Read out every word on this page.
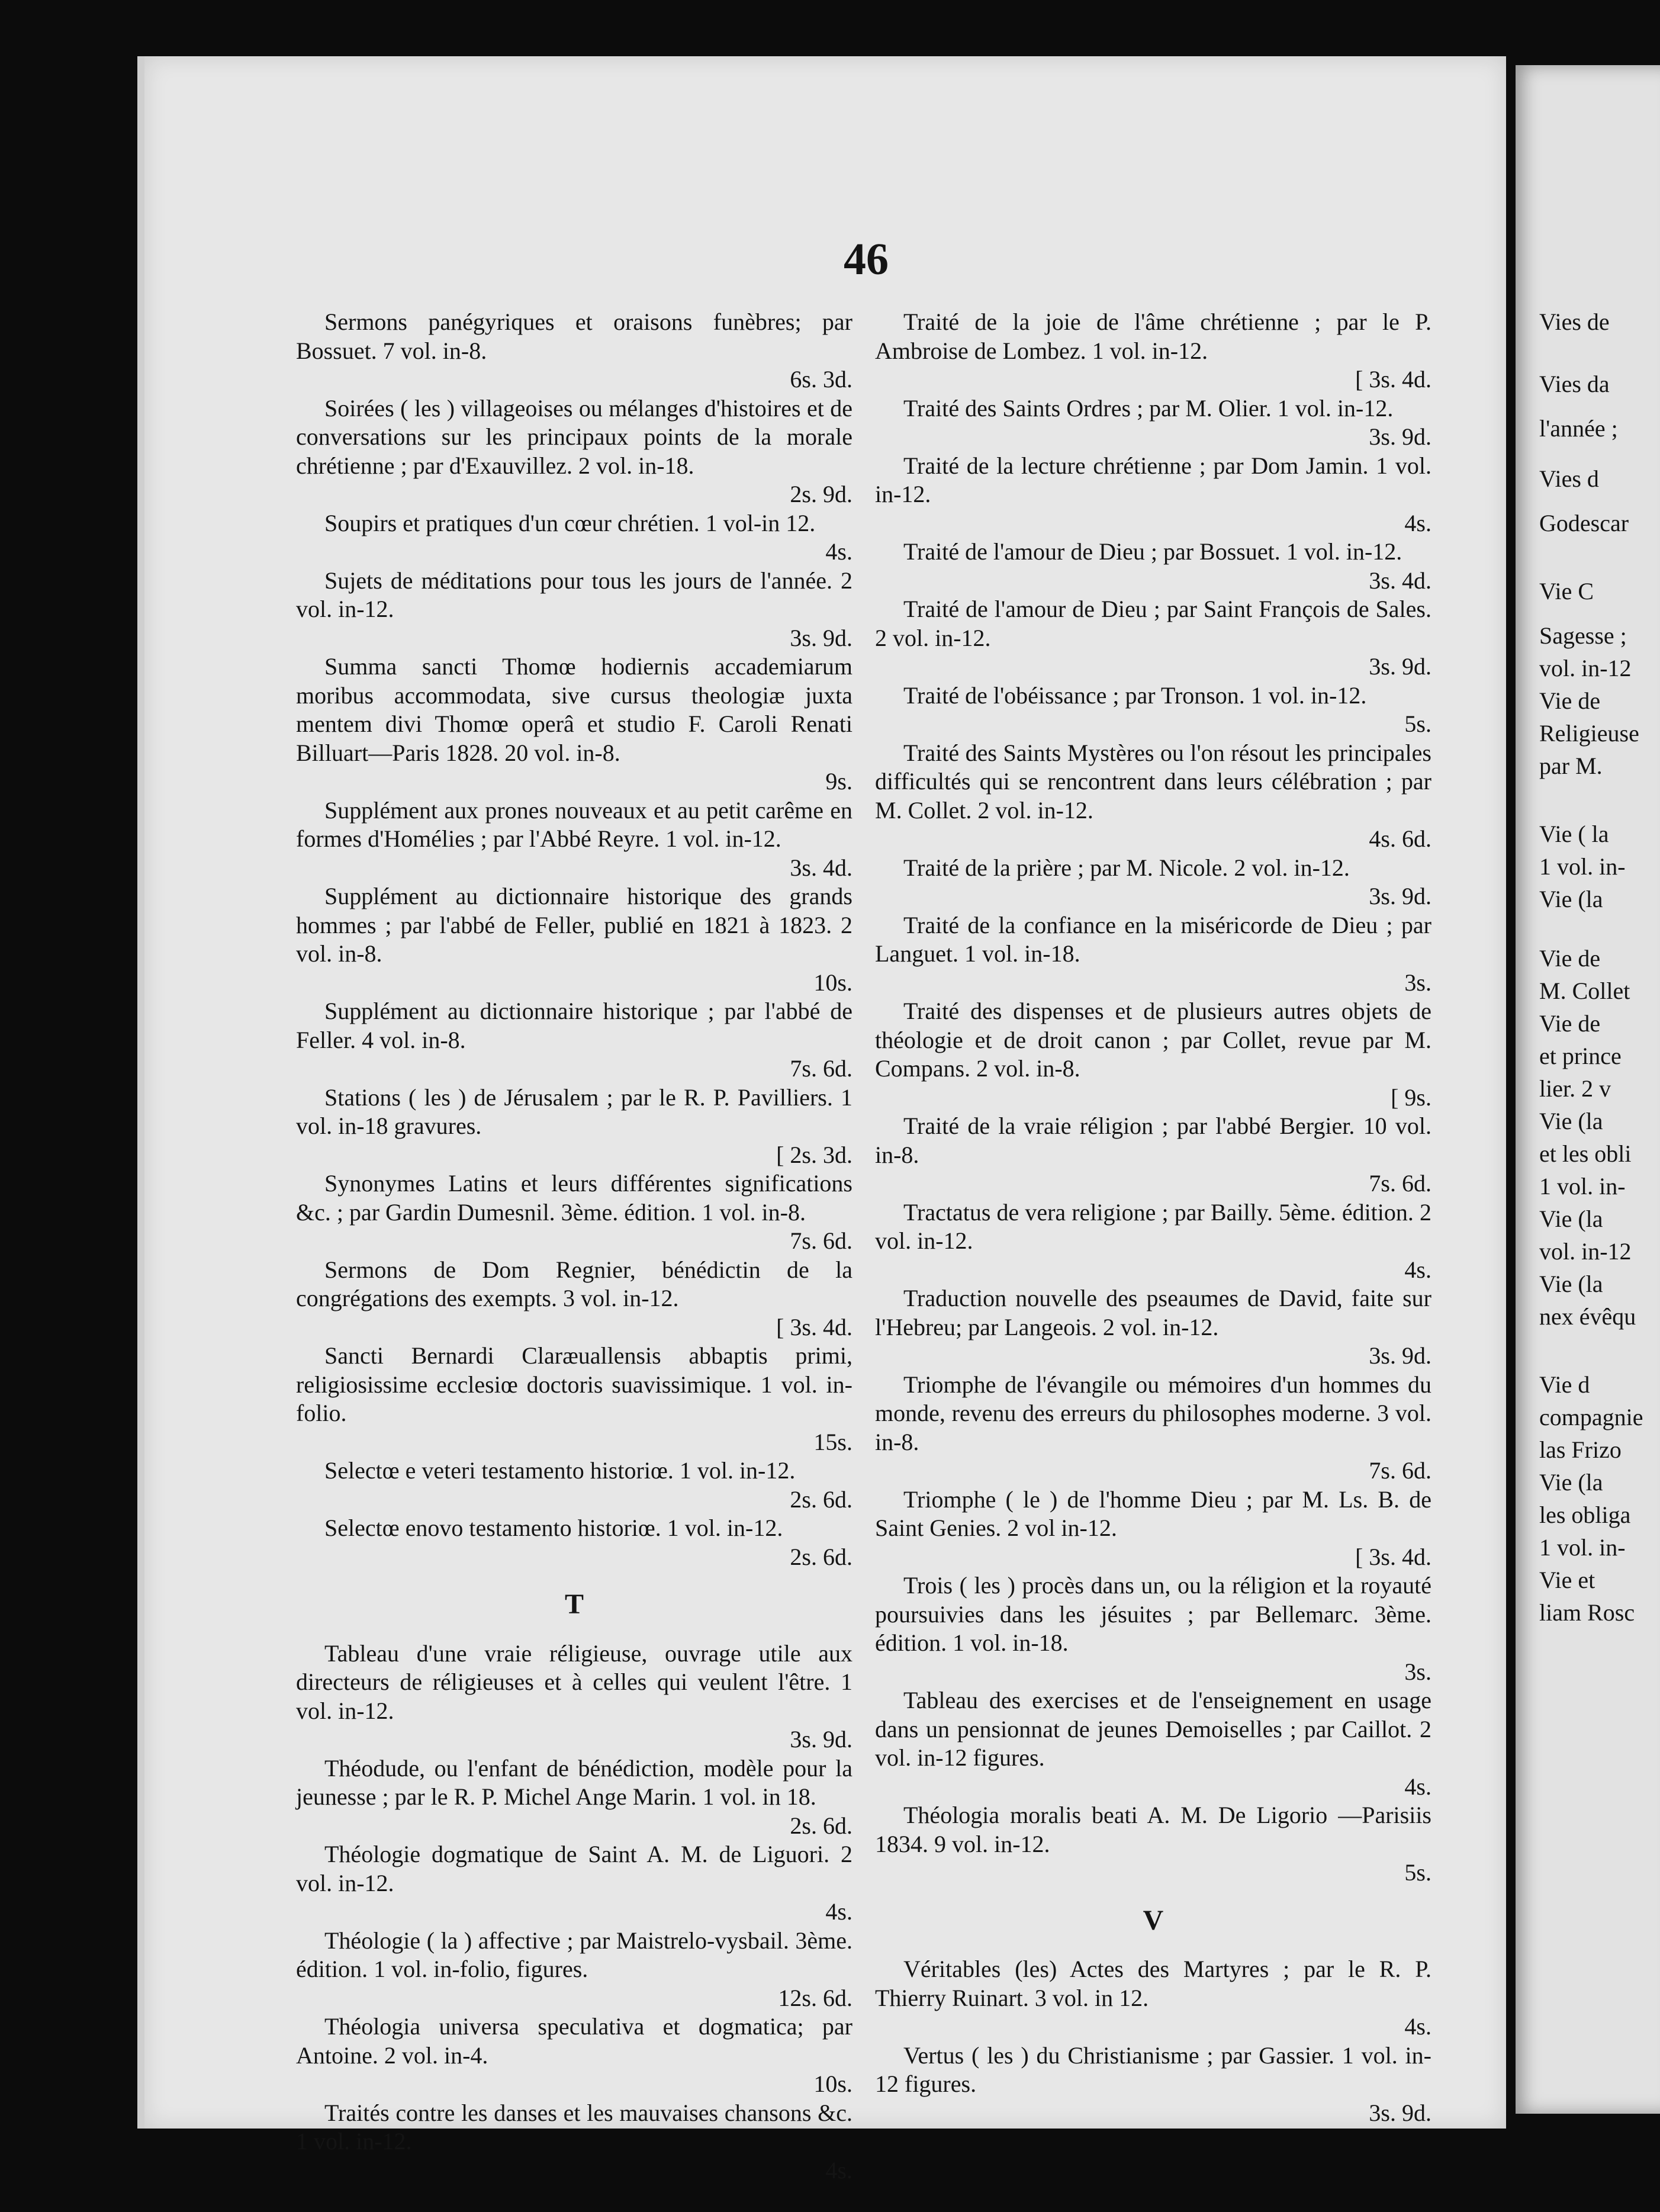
46

Sermons panégyriques et oraisons funèbres; par Bossuet. 7 vol. in-8.
6s. 3d.

Soirées ( les ) villageoises ou mélanges d'histoires et de conversations sur les principaux points de la morale chrétienne ; par d'Exauvillez. 2 vol. in-18.
2s. 9d.

Soupirs et pratiques d'un cœur chrétien. 1 vol-in 12.
4s.

Sujets de méditations pour tous les jours de l'année. 2 vol. in-12.
3s. 9d.

Summa sancti Thomœ hodiernis accademiarum moribus accommodata, sive cursus theologiæ juxta mentem divi Thomœ operâ et studio F. Caroli Renati Billuart—Paris 1828. 20 vol. in-8.
9s.

Supplément aux prones nouveaux et au petit carême en formes d'Homélies ; par l'Abbé Reyre. 1 vol. in-12.
3s. 4d.

Supplément au dictionnaire historique des grands hommes ; par l'abbé de Feller, publié en 1821 à 1823. 2 vol. in-8.
10s.

Supplément au dictionnaire historique ; par l'abbé de Feller. 4 vol. in-8.
7s. 6d.

Stations ( les ) de Jérusalem ; par le R. P. Pavilliers. 1 vol. in-18 gravures.
[ 2s. 3d.

Synonymes Latins et leurs différentes significations &c. ; par Gardin Dumesnil. 3ème. édition. 1 vol. in-8.
7s. 6d.

Sermons de Dom Regnier, bénédictin de la congrégations des exempts. 3 vol. in-12.
[ 3s. 4d.

Sancti Bernardi Claræuallensis abbaptis primi, religiosissime ecclesiœ doctoris suavissimique. 1 vol. in-folio.
15s.

Selectœ e veteri testamento historiœ. 1 vol. in-12.
2s. 6d.

Selectœ enovo testamento historiœ. 1 vol. in-12.
2s. 6d.

T

Tableau d'une vraie réligieuse, ouvrage utile aux directeurs de réligieuses et à celles qui veulent l'être. 1 vol. in-12.
3s. 9d.

Théodude, ou l'enfant de bénédiction, modèle pour la jeunesse ; par le R. P. Michel Ange Marin. 1 vol. in 18.
2s. 6d.

Théologie dogmatique de Saint A. M. de Liguori. 2 vol. in-12.
4s.

Théologie ( la ) affective ; par Maistrelo-vysbail. 3ème. édition. 1 vol. in-folio, figures.
12s. 6d.

Théologia universa speculativa et dogmatica; par Antoine. 2 vol. in-4.
10s.

Traités contre les danses et les mauvaises chansons &c. 1 vol. in-12.
4s.

Traité de la joie de l'âme chrétienne ; par le P. Ambroise de Lombez. 1 vol. in-12.
[ 3s. 4d.

Traité des Saints Ordres ; par M. Olier. 1 vol. in-12.
3s. 9d.

Traité de la lecture chrétienne ; par Dom Jamin. 1 vol. in-12.
4s.

Traité de l'amour de Dieu ; par Bossuet. 1 vol. in-12.
3s. 4d.

Traité de l'amour de Dieu ; par Saint François de Sales. 2 vol. in-12.
3s. 9d.

Traité de l'obéissance ; par Tronson. 1 vol. in-12.
5s.

Traité des Saints Mystères ou l'on résout les principales difficultés qui se rencontrent dans leurs célébration ; par M. Collet. 2 vol. in-12.
4s. 6d.

Traité de la prière ; par M. Nicole. 2 vol. in-12.
3s. 9d.

Traité de la confiance en la miséricorde de Dieu ; par Languet. 1 vol. in-18.
3s.

Traité des dispenses et de plusieurs autres objets de théologie et de droit canon ; par Collet, revue par M. Compans. 2 vol. in-8.
[ 9s.

Traité de la vraie réligion ; par l'abbé Bergier. 10 vol. in-8.
7s. 6d.

Tractatus de vera religione ; par Bailly. 5ème. édition. 2 vol. in-12.
4s.

Traduction nouvelle des pseaumes de David, faite sur l'Hebreu; par Langeois. 2 vol. in-12.
3s. 9d.

Triomphe de l'évangile ou mémoires d'un hommes du monde, revenu des erreurs du philosophes moderne. 3 vol. in-8.
7s. 6d.

Triomphe ( le ) de l'homme Dieu ; par M. Ls. B. de Saint Genies. 2 vol in-12.
[ 3s. 4d.

Trois ( les ) procès dans un, ou la réligion et la royauté poursuivies dans les jésuites ; par Bellemarc. 3ème. édition. 1 vol. in-18.
3s.

Tableau des exercises et de l'enseignement en usage dans un pensionnat de jeunes Demoiselles ; par Caillot. 2 vol. in-12 figures.
4s.

Théologia moralis beati A. M. De Ligorio —Parisiis 1834. 9 vol. in-12.
5s.

V

Véritables (les) Actes des Martyres ; par le R. P. Thierry Ruinart. 3 vol. in 12.
4s.

Vertus ( les ) du Christianisme ; par Gassier. 1 vol. in-12 figures.
3s. 9d.

Vies de
Vies da
l'année ;
Vies d
Godescar
Vie C
Sagesse ;
vol. in-12
Vie de
Religieuse
par M.
Vie ( la
1 vol. in-
Vie (la
Vie de
M. Collet
Vie de
et prince
lier. 2 v
Vie (la
et les obli
1 vol. in-
Vie (la
vol. in-12
Vie (la
nex évêqu
Vie d
compagnie
las Frizo
Vie (la
les obliga
1 vol. in-
Vie et
liam Rosc
